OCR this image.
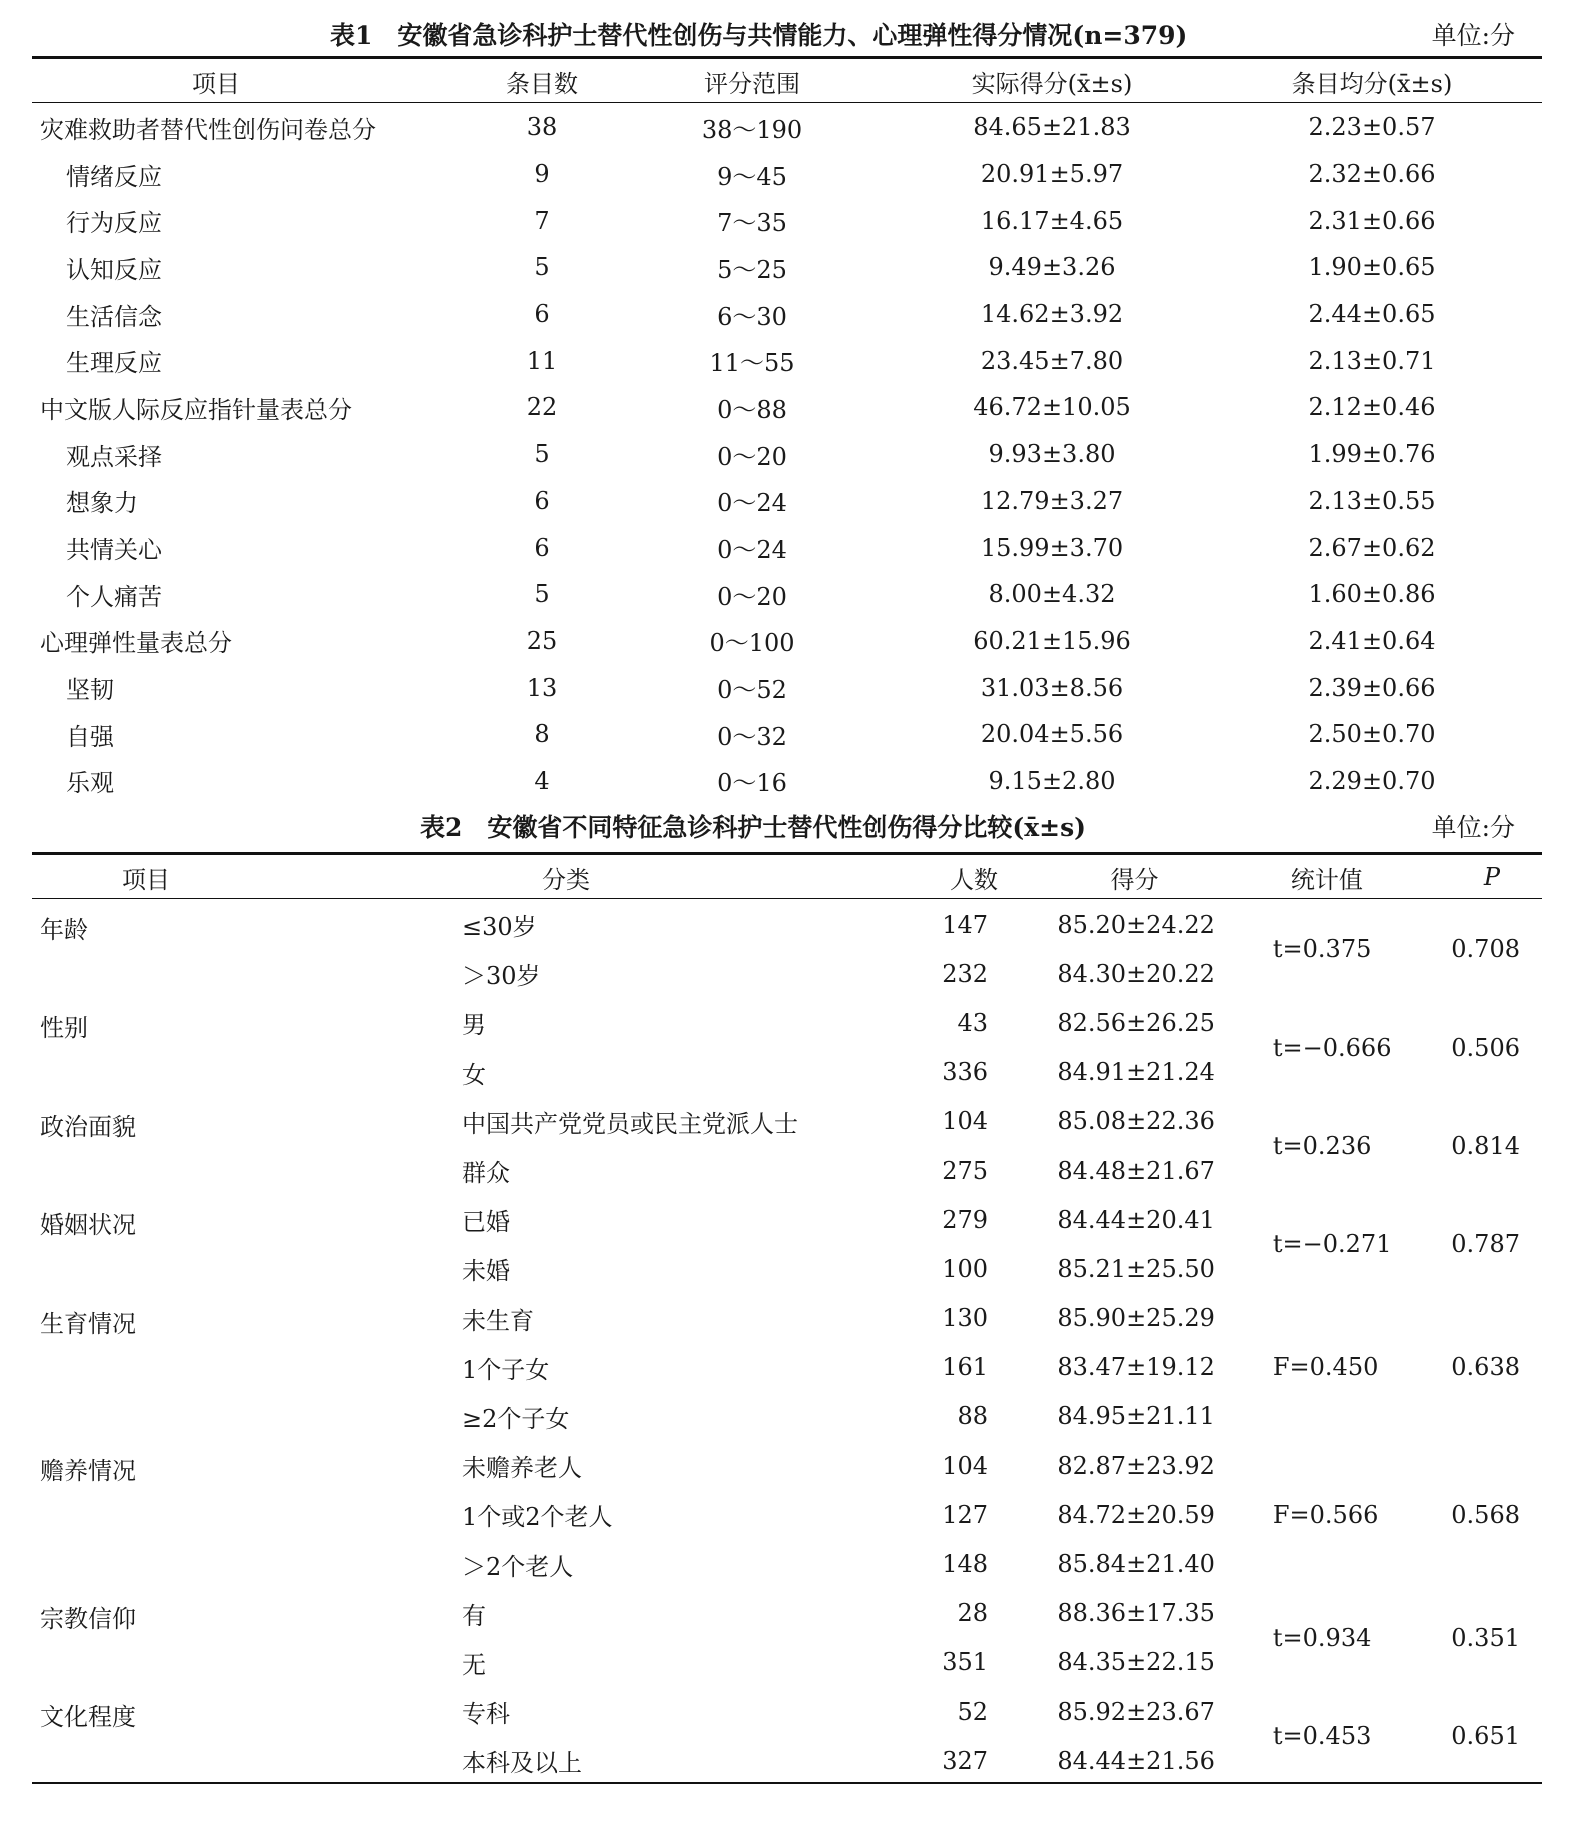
表1　安徽省急诊科护士替代性创伤与共情能力、心理弹性得分情况(n=379)	单位:分
项目	条目数	评分范围	实际得分(x̄±s)	条目均分(x̄±s)
灾难救助者替代性创伤问卷总分	38	38～190	84.65±21.83	2.23±0.57
情绪反应	9	9～45	20.91±5.97	2.32±0.66
行为反应	7	7～35	16.17±4.65	2.31±0.66
认知反应	5	5～25	9.49±3.26	1.90±0.65
生活信念	6	6～30	14.62±3.92	2.44±0.65
生理反应	11	11～55	23.45±7.80	2.13±0.71
中文版人际反应指针量表总分	22	0～88	46.72±10.05	2.12±0.46
观点采择	5	0～20	9.93±3.80	1.99±0.76
想象力	6	0～24	12.79±3.27	2.13±0.55
共情关心	6	0～24	15.99±3.70	2.67±0.62
个人痛苦	5	0～20	8.00±4.32	1.60±0.86
心理弹性量表总分	25	0～100	60.21±15.96	2.41±0.64
坚韧	13	0～52	31.03±8.56	2.39±0.66
自强	8	0～32	20.04±5.56	2.50±0.70
乐观	4	0～16	9.15±2.80	2.29±0.70
表2　安徽省不同特征急诊科护士替代性创伤得分比较(x̄±s)	单位:分
项目	分类	人数	得分	统计值	P
年龄	≤30岁	147	85.20±24.22	t=0.375	0.708
	＞30岁	232	84.30±20.22		
性别	男	43	82.56±26.25	t=−0.666	0.506
	女	336	84.91±21.24		
政治面貌	中国共产党党员或民主党派人士	104	85.08±22.36	t=0.236	0.814
	群众	275	84.48±21.67		
婚姻状况	已婚	279	84.44±20.41	t=−0.271	0.787
	未婚	100	85.21±25.50		
生育情况	未生育	130	85.90±25.29	F=0.450	0.638
	1个子女	161	83.47±19.12		
	≥2个子女	88	84.95±21.11		
赡养情况	未赡养老人	104	82.87±23.92	F=0.566	0.568
	1个或2个老人	127	84.72±20.59		
	＞2个老人	148	85.84±21.40		
宗教信仰	有	28	88.36±17.35	t=0.934	0.351
	无	351	84.35±22.15		
文化程度	专科	52	85.92±23.67	t=0.453	0.651
	本科及以上	327	84.44±21.56		
